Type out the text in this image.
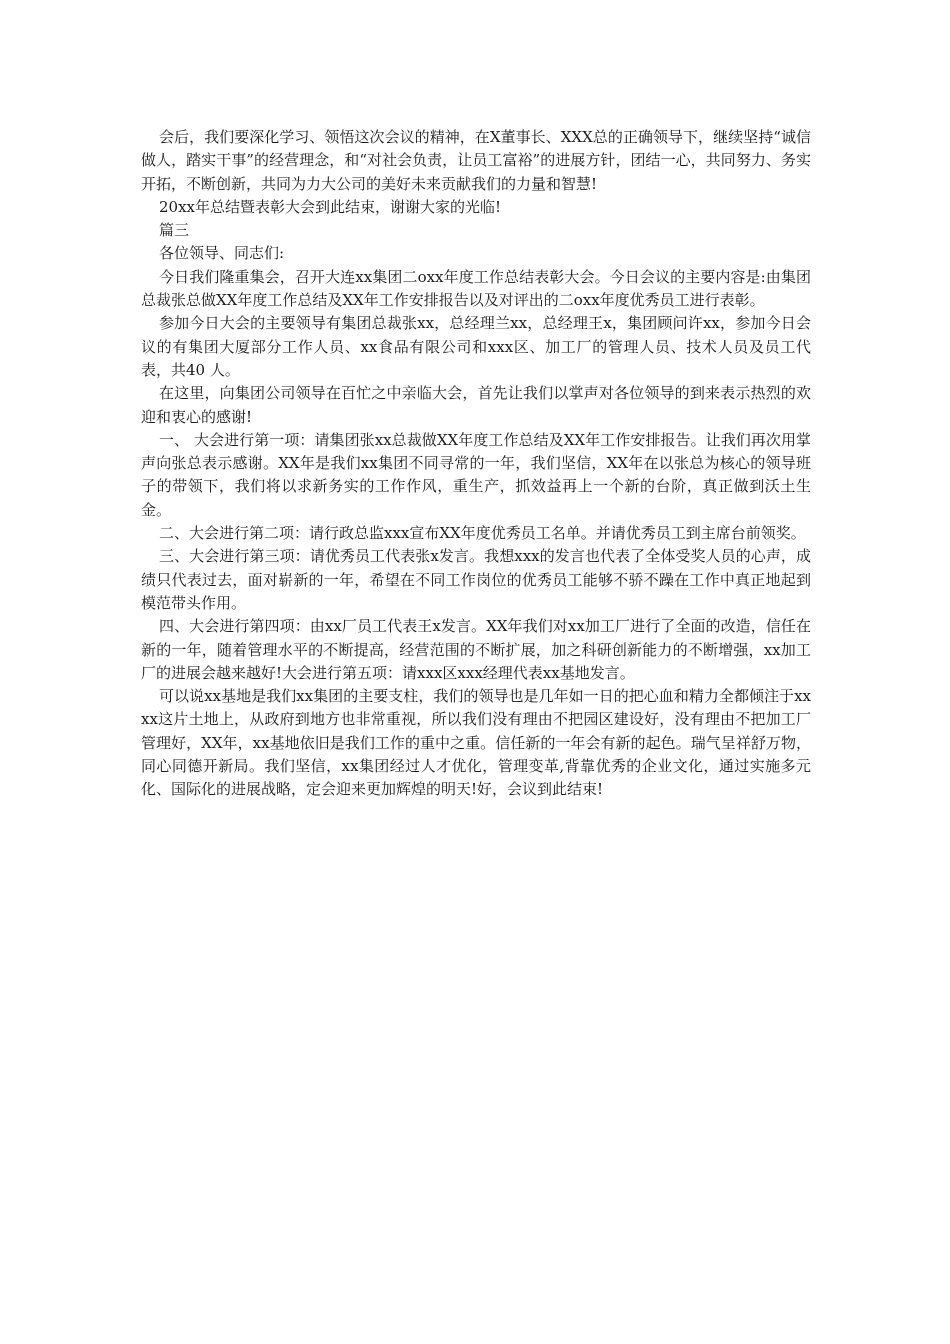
会后，我们要深化学习、领悟这次会议的精神，在X董事长、XXX总的正确领导下，继续坚持“诚信做人，踏实干事”的经营理念，和“对社会负责，让员工富裕”的进展方针，团结一心，共同努力、务实开拓，不断创新，共同为力大公司的美好未来贡献我们的力量和智慧!

20xx年总结暨表彰大会到此结束，谢谢大家的光临!

篇三

各位领导、同志们:

今日我们隆重集会，召开大连xx集团二oxx年度工作总结表彰大会。今日会议的主要内容是:由集团总裁张总做XX年度工作总结及XX年工作安排报告以及对评出的二oxx年度优秀员工进行表彰。

参加今日大会的主要领导有集团总裁张xx，总经理兰xx，总经理王x，集团顾问许xx，参加今日会议的有集团大厦部分工作人员、xx食品有限公司和xxx区、加工厂的管理人员、技术人员及员工代表，共40 人。

在这里，向集团公司领导在百忙之中亲临大会，首先让我们以掌声对各位领导的到来表示热烈的欢迎和衷心的感谢!

一、 大会进行第一项：请集团张xx总裁做XX年度工作总结及XX年工作安排报告。让我们再次用掌声向张总表示感谢。XX年是我们xx集团不同寻常的一年，我们坚信，XX年在以张总为核心的领导班子的带领下，我们将以求新务实的工作作风，重生产，抓效益再上一个新的台阶，真正做到沃土生金。

二、大会进行第二项：请行政总监xxx宣布XX年度优秀员工名单。并请优秀员工到主席台前领奖。

三、大会进行第三项：请优秀员工代表张x发言。我想xxx的发言也代表了全体受奖人员的心声，成绩只代表过去，面对崭新的一年，希望在不同工作岗位的优秀员工能够不骄不躁在工作中真正地起到模范带头作用。

四、大会进行第四项：由xx厂员工代表王x发言。XX年我们对xx加工厂进行了全面的改造，信任在新的一年，随着管理水平的不断提高，经营范围的不断扩展，加之科研创新能力的不断增强，xx加工厂的进展会越来越好!大会进行第五项：请xxx区xxx经理代表xx基地发言。

可以说xx基地是我们xx集团的主要支柱，我们的领导也是几年如一日的把心血和精力全都倾注于xxxx这片土地上，从政府到地方也非常重视，所以我们没有理由不把园区建设好，没有理由不把加工厂管理好，XX年，xx基地依旧是我们工作的重中之重。信任新的一年会有新的起色。瑞气呈祥舒万物，同心同德开新局。我们坚信，xx集团经过人才优化，管理变革,背靠优秀的企业文化，通过实施多元化、国际化的进展战略，定会迎来更加辉煌的明天!好，会议到此结束!
